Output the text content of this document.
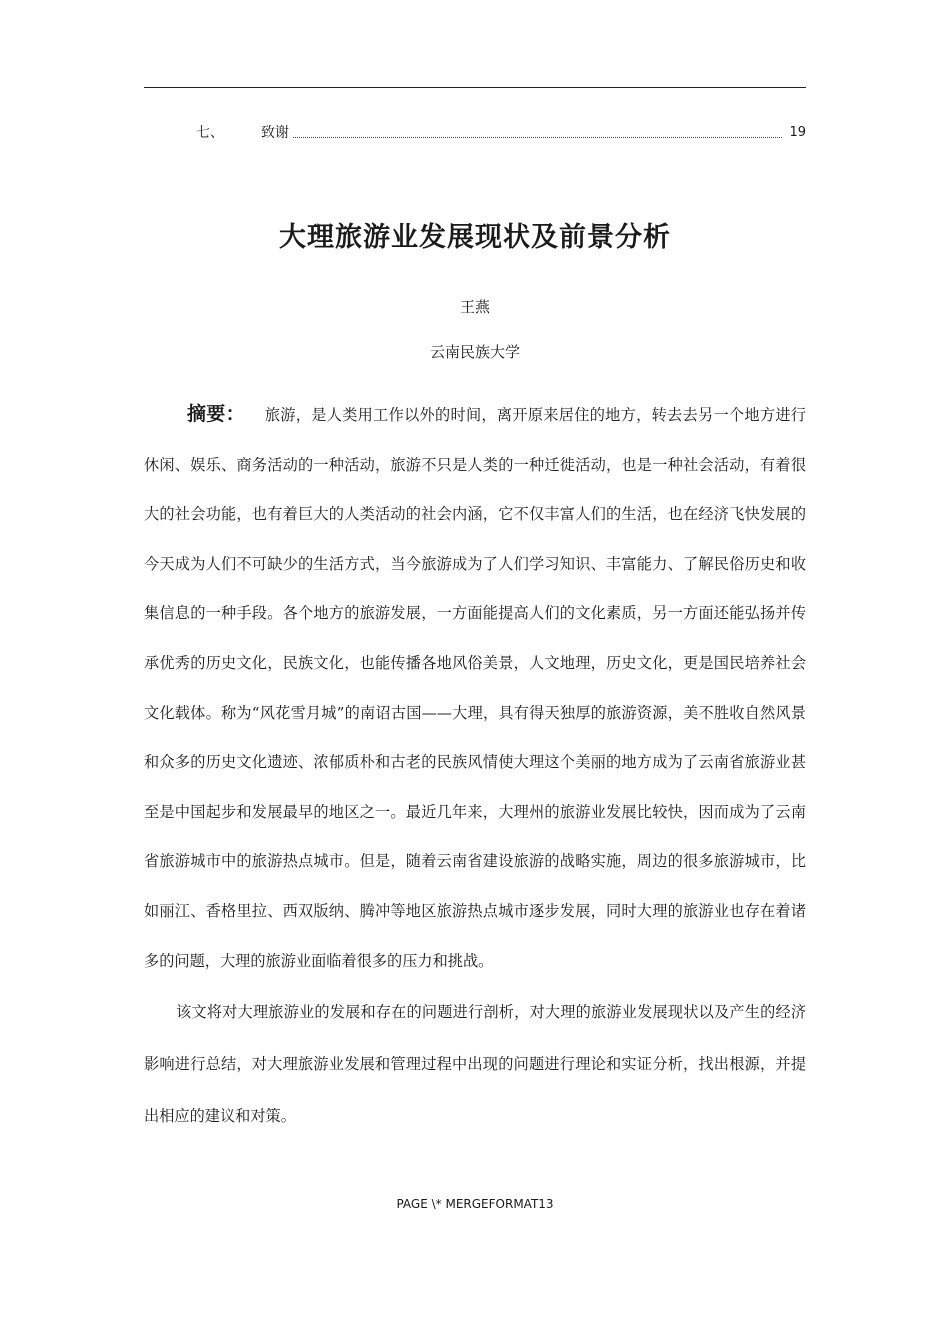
七、	致谢	19
大理旅游业发展现状及前景分析
王燕
云南民族大学

摘要： 旅游，是人类用工作以外的时间，离开原来居住的地方，转去去另一个地方进行休闲、娱乐、商务活动的一种活动，旅游不只是人类的一种迁徙活动，也是一种社会活动，有着很大的社会功能，也有着巨大的人类活动的社会内涵，它不仅丰富人们的生活，也在经济飞快发展的今天成为人们不可缺少的生活方式，当今旅游成为了人们学习知识、丰富能力、了解民俗历史和收集信息的一种手段。各个地方的旅游发展，一方面能提高人们的文化素质，另一方面还能弘扬并传承优秀的历史文化，民族文化，也能传播各地风俗美景，人文地理，历史文化，更是国民培养社会文化载体。称为“风花雪月城”的南诏古国——大理，具有得天独厚的旅游资源，美不胜收自然风景和众多的历史文化遗迹、浓郁质朴和古老的民族风情使大理这个美丽的地方成为了云南省旅游业甚至是中国起步和发展最早的地区之一。最近几年来，大理州的旅游业发展比较快，因而成为了云南省旅游城市中的旅游热点城市。但是，随着云南省建设旅游的战略实施，周边的很多旅游城市，比如丽江、香格里拉、西双版纳、腾冲等地区旅游热点城市逐步发展，同时大理的旅游业也存在着诸多的问题，大理的旅游业面临着很多的压力和挑战。

该文将对大理旅游业的发展和存在的问题进行剖析，对大理的旅游业发展现状以及产生的经济影响进行总结，对大理旅游业发展和管理过程中出现的问题进行理论和实证分析，找出根源，并提出相应的建议和对策。

PAGE \* MERGEFORMAT13
